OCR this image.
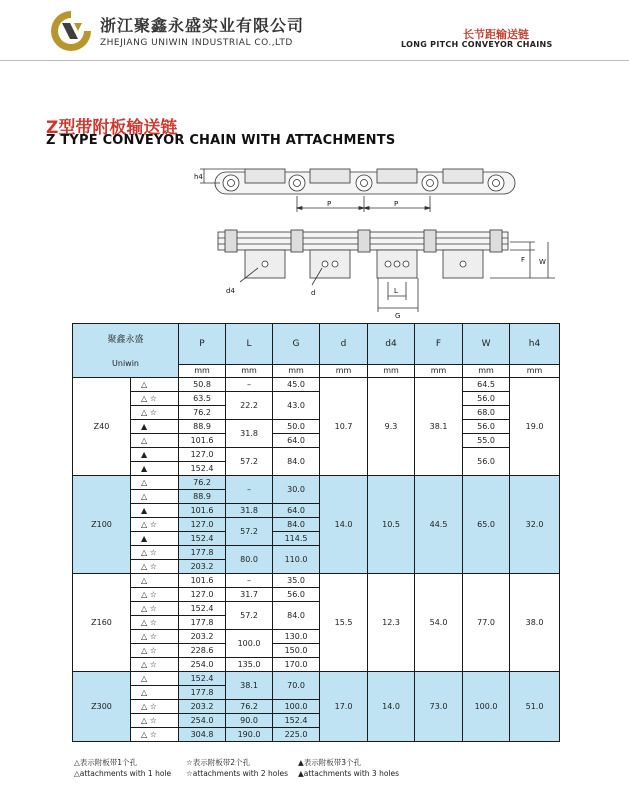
浙江聚鑫永盛实业有限公司
ZHEJIANG UNIWIN INDUSTRIAL CO.,LTD
长节距输送链
LONG PITCH CONVEYOR CHAINS
Z型带附板输送链
Z TYPE CONVEYOR CHAIN WITH ATTACHMENTS
h4
P	P
F W
L
G
d4	d
聚鑫永盛
Uniwin		P	L	G	d	d4	F	W	h4
		mm	mm	mm	mm	mm	mm	mm	mm
Z40	△	50.8	–	45.0	10.7	9.3	38.1	64.5	19.0
	△ ☆	63.5	22.2	43.0				56.0	
	△ ☆	76.2						68.0	
	▲	88.9	31.8	50.0				56.0	
	△	101.6		64.0				55.0	
	▲	127.0	57.2	84.0				56.0	
	▲	152.4							
Z100	△	76.2	–	30.0	14.0	10.5	44.5	65.0	32.0
	△	88.9							
	▲	101.6	31.8	64.0					
	△ ☆	127.0	57.2	84.0					
	▲	152.4		114.5					
	△ ☆	177.8	80.0	110.0					
	△ ☆	203.2							
Z160	△	101.6	–	35.0	15.5	12.3	54.0	77.0	38.0
	△ ☆	127.0	31.7	56.0					
	△ ☆	152.4	57.2	84.0					
	△ ☆	177.8							
	△ ☆	203.2	100.0	130.0					
	△ ☆	228.6		150.0					
	△ ☆	254.0	135.0	170.0					
Z300	△	152.4	38.1	70.0	17.0	14.0	73.0	100.0	51.0
	△	177.8							
	△ ☆	203.2	76.2	100.0					
	△ ☆	254.0	90.0	152.4					
	△ ☆	304.8	190.0	225.0					
△表示附板带1个孔
△attachments with 1 hole
☆表示附板带2个孔
☆attachments with 2 holes
▲表示附板带3个孔
▲attachments with 3 holes
